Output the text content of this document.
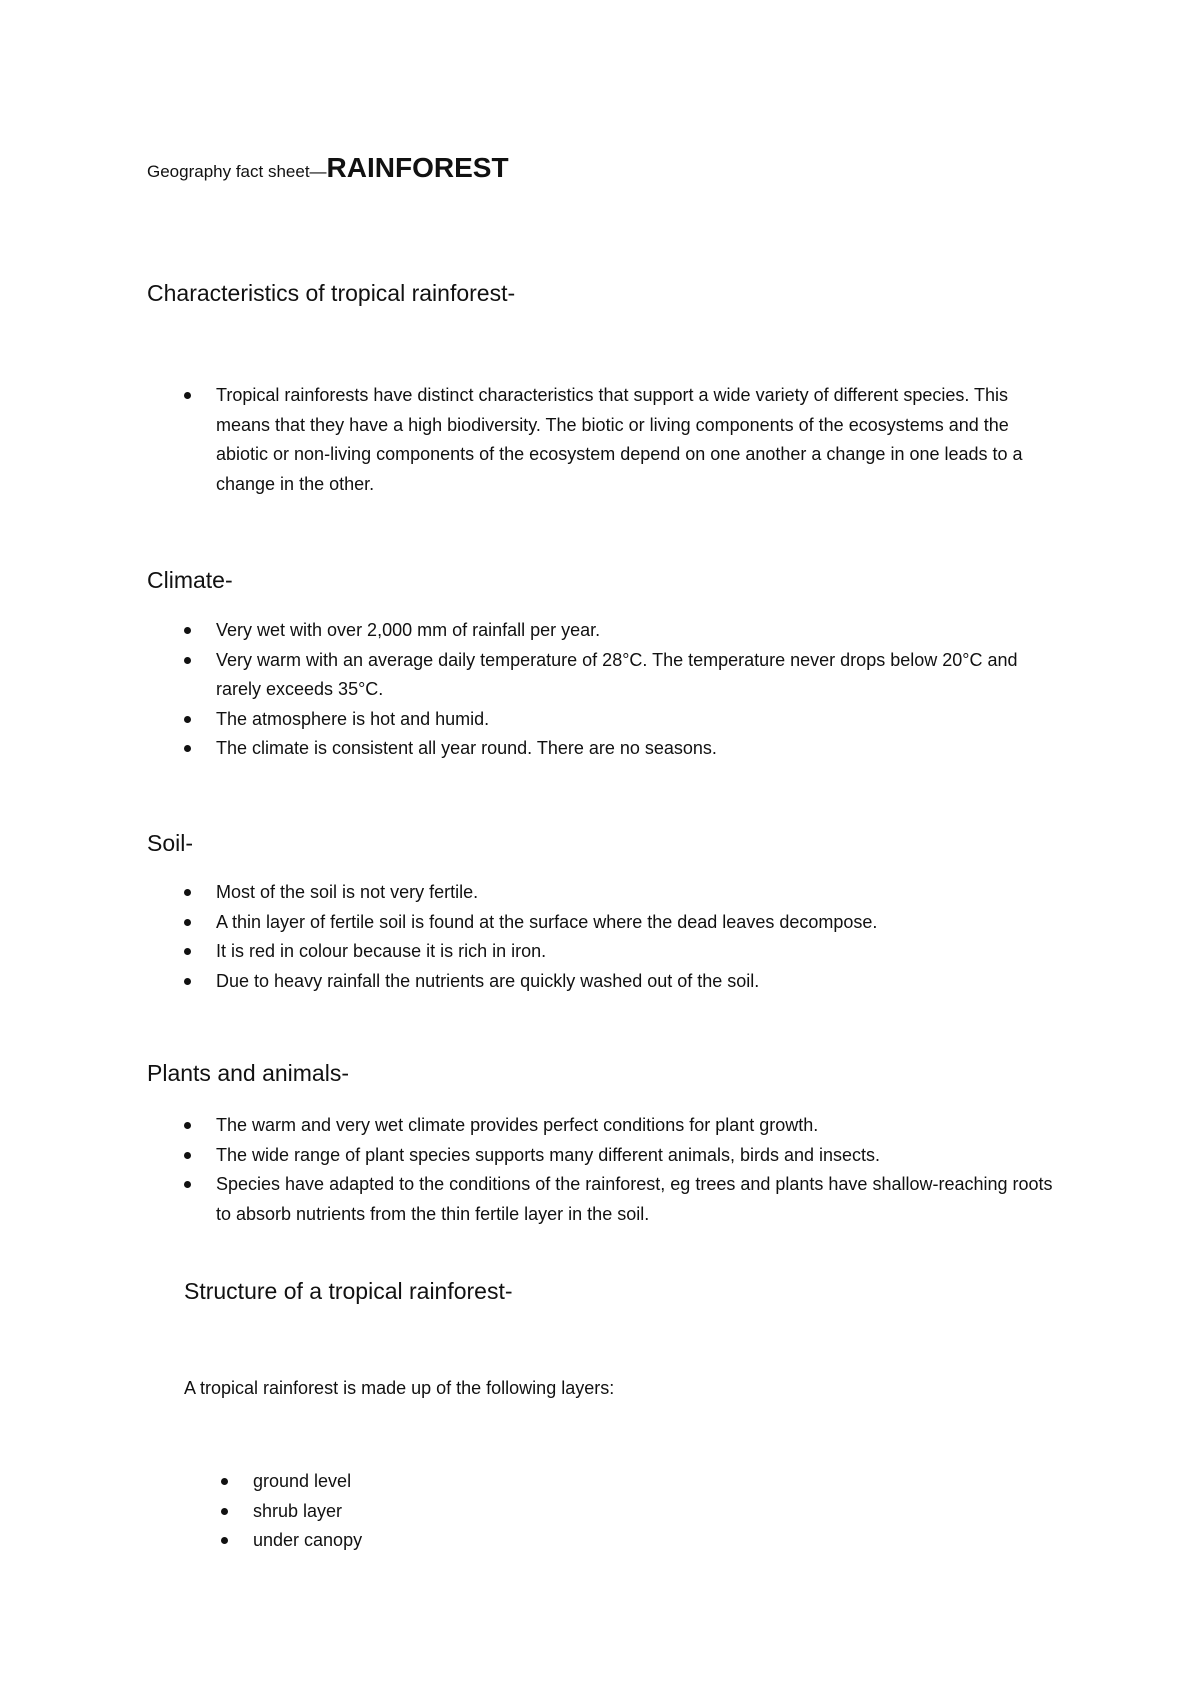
Geography fact sheet—RAINFOREST
Characteristics of tropical rainforest-
Tropical rainforests have distinct characteristics that support a wide variety of different species. This means that they have a high biodiversity. The biotic or living components of the ecosystems and the abiotic or non-living components of the ecosystem depend on one another a change in one leads to a change in the other.
Climate-
Very wet with over 2,000 mm of rainfall per year.
Very warm with an average daily temperature of 28°C. The temperature never drops below 20°C and rarely exceeds 35°C.
The atmosphere is hot and humid.
The climate is consistent all year round. There are no seasons.
Soil-
Most of the soil is not very fertile.
A thin layer of fertile soil is found at the surface where the dead leaves decompose.
It is red in colour because it is rich in iron.
Due to heavy rainfall the nutrients are quickly washed out of the soil.
Plants and animals-
The warm and very wet climate provides perfect conditions for plant growth.
The wide range of plant species supports many different animals, birds and insects.
Species have adapted to the conditions of the rainforest, eg trees and plants have shallow-reaching roots to absorb nutrients from the thin fertile layer in the soil.
Structure of a tropical rainforest-

A tropical rainforest is made up of the following layers:

ground level
shrub layer
under canopy
